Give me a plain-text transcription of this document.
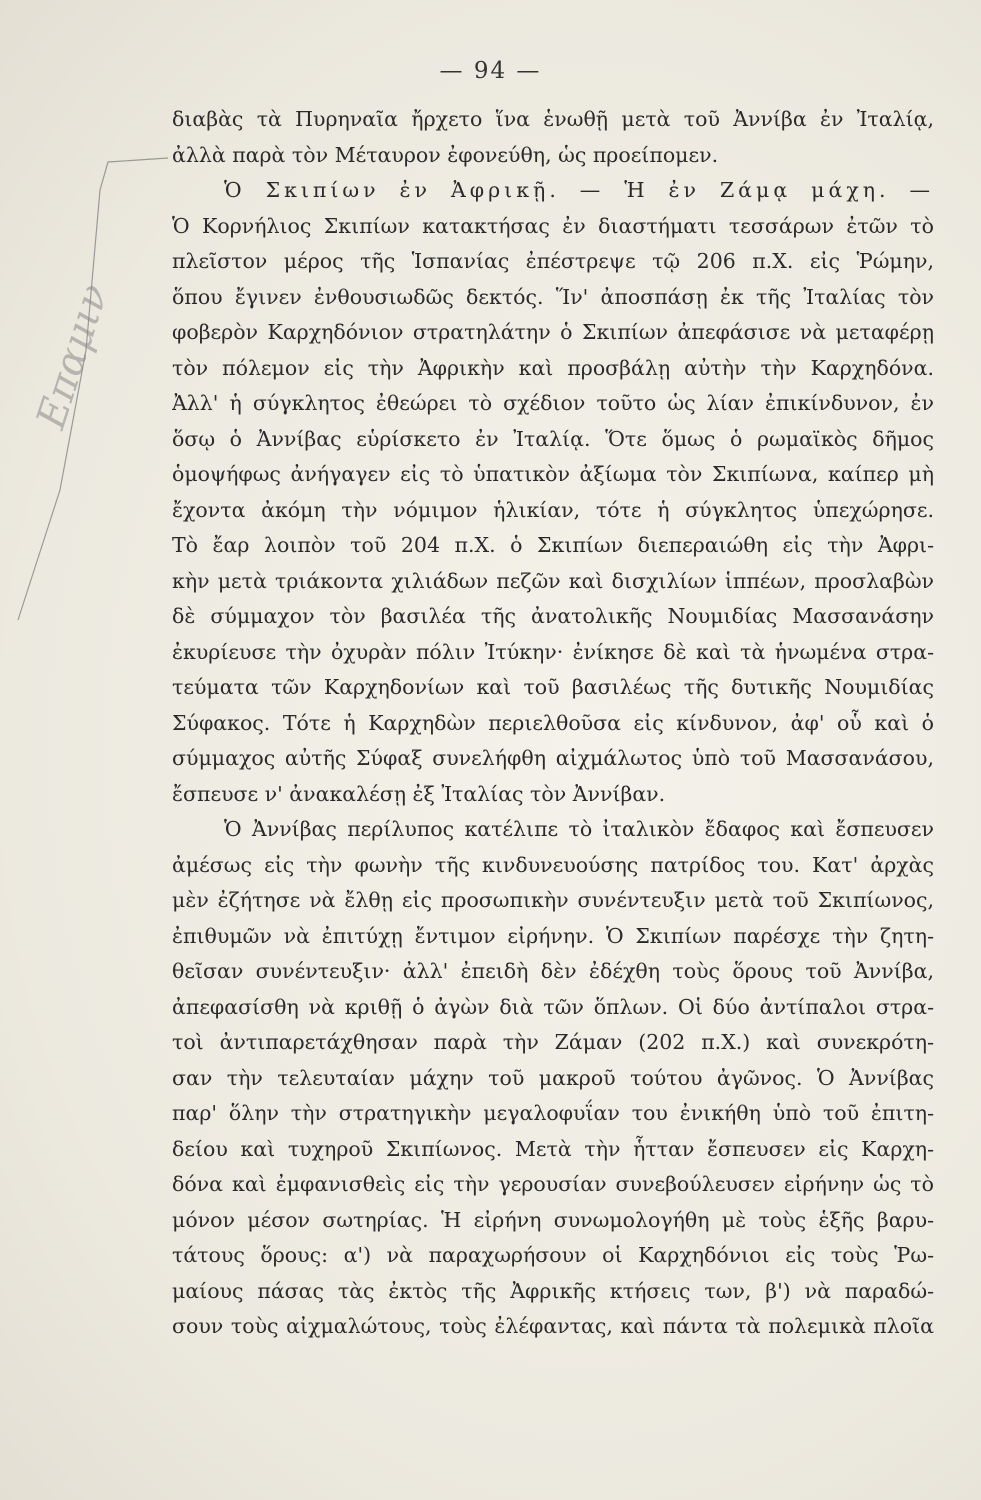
— 94 —
Επαμιν
διαβὰς τὰ Πυρηναῖα ἤρχετο ἵνα ἑνωθῇ μετὰ τοῦ Ἀννίβα ἐν Ἰταλίᾳ,
ἀλλὰ παρὰ τὸν Μέταυρον ἐφονεύθη, ὡς προείπομεν.
Ὁ Σκιπίων ἐν Ἀφρικῇ. — Ἡ ἐν Ζάμᾳ μάχη. —
Ὁ Κορνήλιος Σκιπίων κατακτήσας ἐν διαστήματι τεσσάρων ἐτῶν τὸ
πλεῖστον μέρος τῆς Ἱσπανίας ἐπέστρεψε τῷ 206 π.Χ. εἰς Ῥώμην,
ὅπου ἔγινεν ἐνθουσιωδῶς δεκτός. Ἵν' ἀποσπάσῃ ἐκ τῆς Ἰταλίας τὸν
φοβερὸν Καρχηδόνιον στρατηλάτην ὁ Σκιπίων ἀπεφάσισε νὰ μεταφέρῃ
τὸν πόλεμον εἰς τὴν Ἀφρικὴν καὶ προσβάλῃ αὐτὴν τὴν Καρχηδόνα.
Ἀλλ' ἡ σύγκλητος ἐθεώρει τὸ σχέδιον τοῦτο ὡς λίαν ἐπικίνδυνον, ἐν
ὅσῳ ὁ Ἀννίβας εὑρίσκετο ἐν Ἰταλίᾳ. Ὅτε ὅμως ὁ ρωμαϊκὸς δῆμος
ὁμοψήφως ἀνήγαγεν εἰς τὸ ὑπατικὸν ἀξίωμα τὸν Σκιπίωνα, καίπερ μὴ
ἔχοντα ἀκόμη τὴν νόμιμον ἡλικίαν, τότε ἡ σύγκλητος ὑπεχώρησε.
Τὸ ἔαρ λοιπὸν τοῦ 204 π.Χ. ὁ Σκιπίων διεπεραιώθη εἰς τὴν Ἀφρι-
κὴν μετὰ τριάκοντα χιλιάδων πεζῶν καὶ δισχιλίων ἱππέων, προσλαβὼν
δὲ σύμμαχον τὸν βασιλέα τῆς ἀνατολικῆς Νουμιδίας Μασσανάσην
ἐκυρίευσε τὴν ὀχυρὰν πόλιν Ἰτύκην· ἐνίκησε δὲ καὶ τὰ ἡνωμένα στρα-
τεύματα τῶν Καρχηδονίων καὶ τοῦ βασιλέως τῆς δυτικῆς Νουμιδίας
Σύφακος. Τότε ἡ Καρχηδὼν περιελθοῦσα εἰς κίνδυνον, ἀφ' οὗ καὶ ὁ
σύμμαχος αὐτῆς Σύφαξ συνελήφθη αἰχμάλωτος ὑπὸ τοῦ Μασσανάσου,
ἔσπευσε ν' ἀνακαλέσῃ ἐξ Ἰταλίας τὸν Ἀννίβαν.
Ὁ Ἀννίβας περίλυπος κατέλιπε τὸ ἰταλικὸν ἔδαφος καὶ ἔσπευσεν
ἀμέσως εἰς τὴν φωνὴν τῆς κινδυνευούσης πατρίδος του. Κατ' ἀρχὰς
μὲν ἐζήτησε νὰ ἔλθῃ εἰς προσωπικὴν συνέντευξιν μετὰ τοῦ Σκιπίωνος,
ἐπιθυμῶν νὰ ἐπιτύχῃ ἔντιμον εἰρήνην. Ὁ Σκιπίων παρέσχε τὴν ζητη-
θεῖσαν συνέντευξιν· ἀλλ' ἐπειδὴ δὲν ἐδέχθη τοὺς ὅρους τοῦ Ἀννίβα,
ἀπεφασίσθη νὰ κριθῇ ὁ ἀγὼν διὰ τῶν ὅπλων. Οἱ δύο ἀντίπαλοι στρα-
τοὶ ἀντιπαρετάχθησαν παρὰ τὴν Ζάμαν (202 π.Χ.) καὶ συνεκρότη-
σαν τὴν τελευταίαν μάχην τοῦ μακροῦ τούτου ἀγῶνος. Ὁ Ἀννίβας
παρ' ὅλην τὴν στρατηγικὴν μεγαλοφυΐαν του ἐνικήθη ὑπὸ τοῦ ἐπιτη-
δείου καὶ τυχηροῦ Σκιπίωνος. Μετὰ τὴν ἧτταν ἔσπευσεν εἰς Καρχη-
δόνα καὶ ἐμφανισθεὶς εἰς τὴν γερουσίαν συνεβούλευσεν εἰρήνην ὡς τὸ
μόνον μέσον σωτηρίας. Ἡ εἰρήνη συνωμολογήθη μὲ τοὺς ἑξῆς βαρυ-
τάτους ὅρους: α') νὰ παραχωρήσουν οἱ Καρχηδόνιοι εἰς τοὺς Ῥω-
μαίους πάσας τὰς ἐκτὸς τῆς Ἀφρικῆς κτήσεις των, β') νὰ παραδώ-
σουν τοὺς αἰχμαλώτους, τοὺς ἐλέφαντας, καὶ πάντα τὰ πολεμικὰ πλοῖα
